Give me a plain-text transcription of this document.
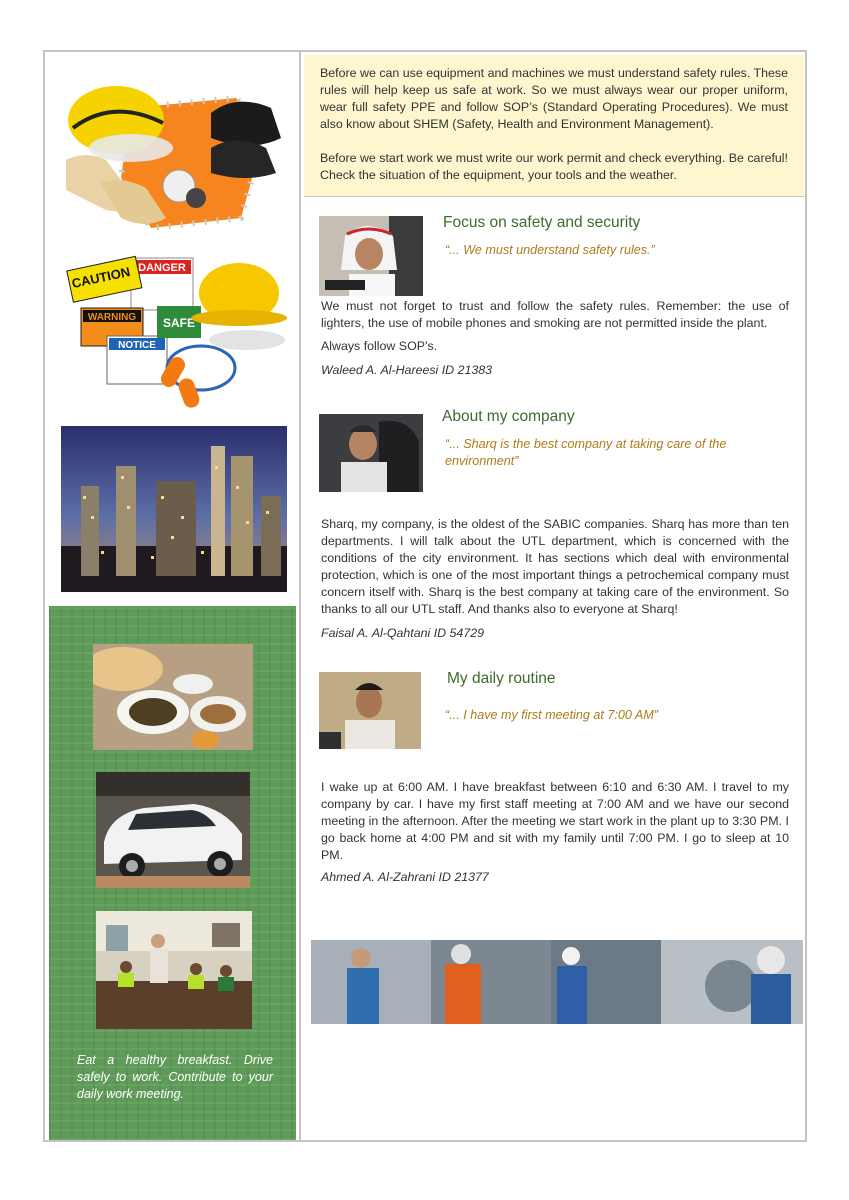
DANGER
CAUTION
WARNING
NOTICE
SAFE
Eat a healthy breakfast. Drive safely to work. Contribute to your daily work meeting.

Before we can use equipment and machines we must understand safety rules. These rules will help keep us safe at work. So we must always wear our proper uniform, wear full safety PPE and follow SOP’s (Standard Operating Procedures). We must also know about SHEM (Safety, Health and Environment Management).

Before we start work we must write our work permit and check everything. Be careful! Check the situation of the equipment, your tools and the weather.

Focus on safety and security
“... We must understand safety rules.”

We must not forget to trust and follow the safety rules. Remember: the use of lighters, the use of mobile phones and smoking are not permitted inside the plant.

Always follow SOP’s.

Waleed A. Al-Hareesi ID 21383
About my company
“... Sharq is the best company at taking care of the environment”

Sharq, my company, is the oldest of the SABIC companies. Sharq has more than ten departments. I will talk about the UTL department, which is concerned with the conditions of the city environment. It has sections which deal with environmental protection, which is one of the most important things a petrochemical company must concern itself with. Sharq is the best company at taking care of the environment. So thanks to all our UTL staff. And thanks also to everyone at Sharq!

Faisal A. Al-Qahtani ID 54729
My daily routine
“... I have my first meeting at 7:00 AM”

I wake up at 6:00 AM. I have breakfast between 6:10 and 6:30 AM. I travel to my company by car. I have my first staff meeting at 7:00 AM and we have our second meeting in the afternoon. After the meeting we start work in the plant up to 3:30 PM. I go back home at 4:00 PM and sit with my family until 7:00 PM. I go to sleep at 10 PM.

Ahmed A. Al-Zahrani ID 21377
